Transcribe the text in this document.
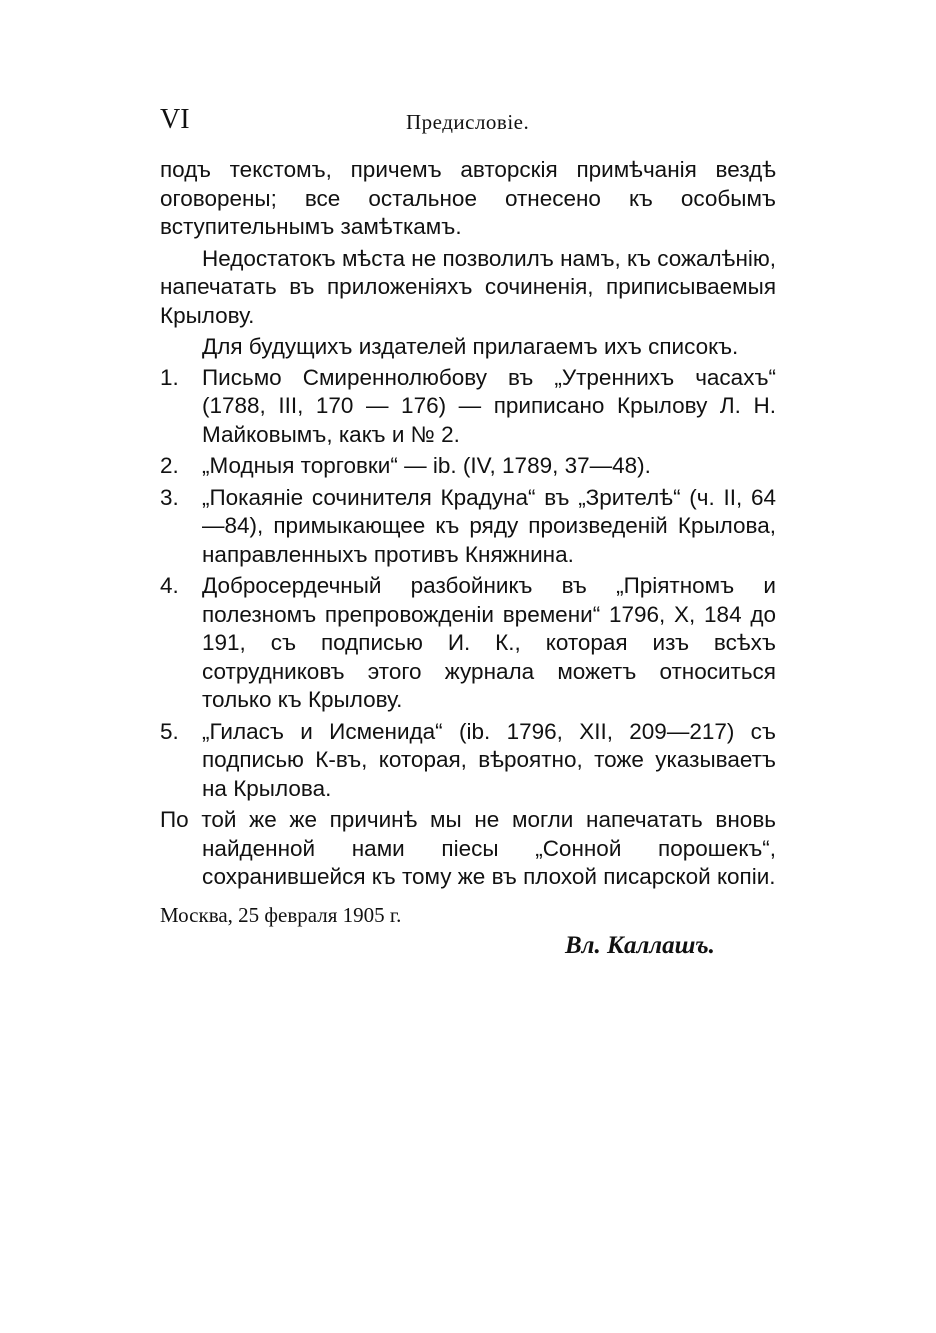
VI	Предисловіе.

подъ текстомъ, причемъ авторскія примѣчанія вездѣ оговорены; все остальное отнесено къ особымъ вступительнымъ замѣткамъ.

Недостатокъ мѣста не позволилъ намъ, къ сожалѣнію, напечатать въ приложеніяхъ сочиненія, приписываемыя Крылову.

Для будущихъ издателей прилагаемъ ихъ списокъ.

1.	Письмо Смиреннолюбову въ „Утреннихъ часахъ“ (1788, III, 170 — 176) — приписано Крылову Л. Н. Майковымъ, какъ и № 2.
2.	„Модныя торговки“ — ib. (IV, 1789, 37—48).
3.	„Покаяніе сочинителя Крадуна“ въ „Зрителѣ“ (ч. II, 64—84), примыкающее къ ряду произведеній Крылова, направленныхъ противъ Княжнина.
4.	Добросердечный разбойникъ въ „Пріятномъ и полезномъ препровожденіи времени“ 1796, X, 184 до 191, съ подписью И. К., которая изъ всѣхъ сотрудниковъ этого журнала можетъ относиться только къ Крылову.
5.	„Гиласъ и Исменида“ (ib. 1796, XII, 209—217) съ подписью К-въ, которая, вѣроятно, тоже указываетъ на Крылова.

По той же же причинѣ мы не могли напечатать вновь найденной нами піесы „Сонной порошекъ“, сохранившейся къ тому же въ плохой писарской копіи.

Москва, 25 февраля 1905 г.
Вл. Каллашъ.
